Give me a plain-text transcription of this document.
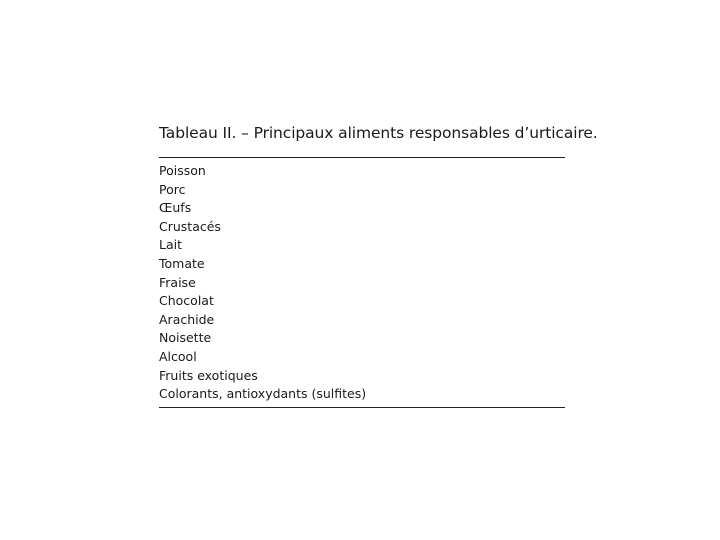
Tableau II. – Principaux aliments responsables d’urticaire.
Poisson
Porc
Œufs
Crustacés
Lait
Tomate
Fraise
Chocolat
Arachide
Noisette
Alcool
Fruits exotiques
Colorants, antioxydants (sulfites)
